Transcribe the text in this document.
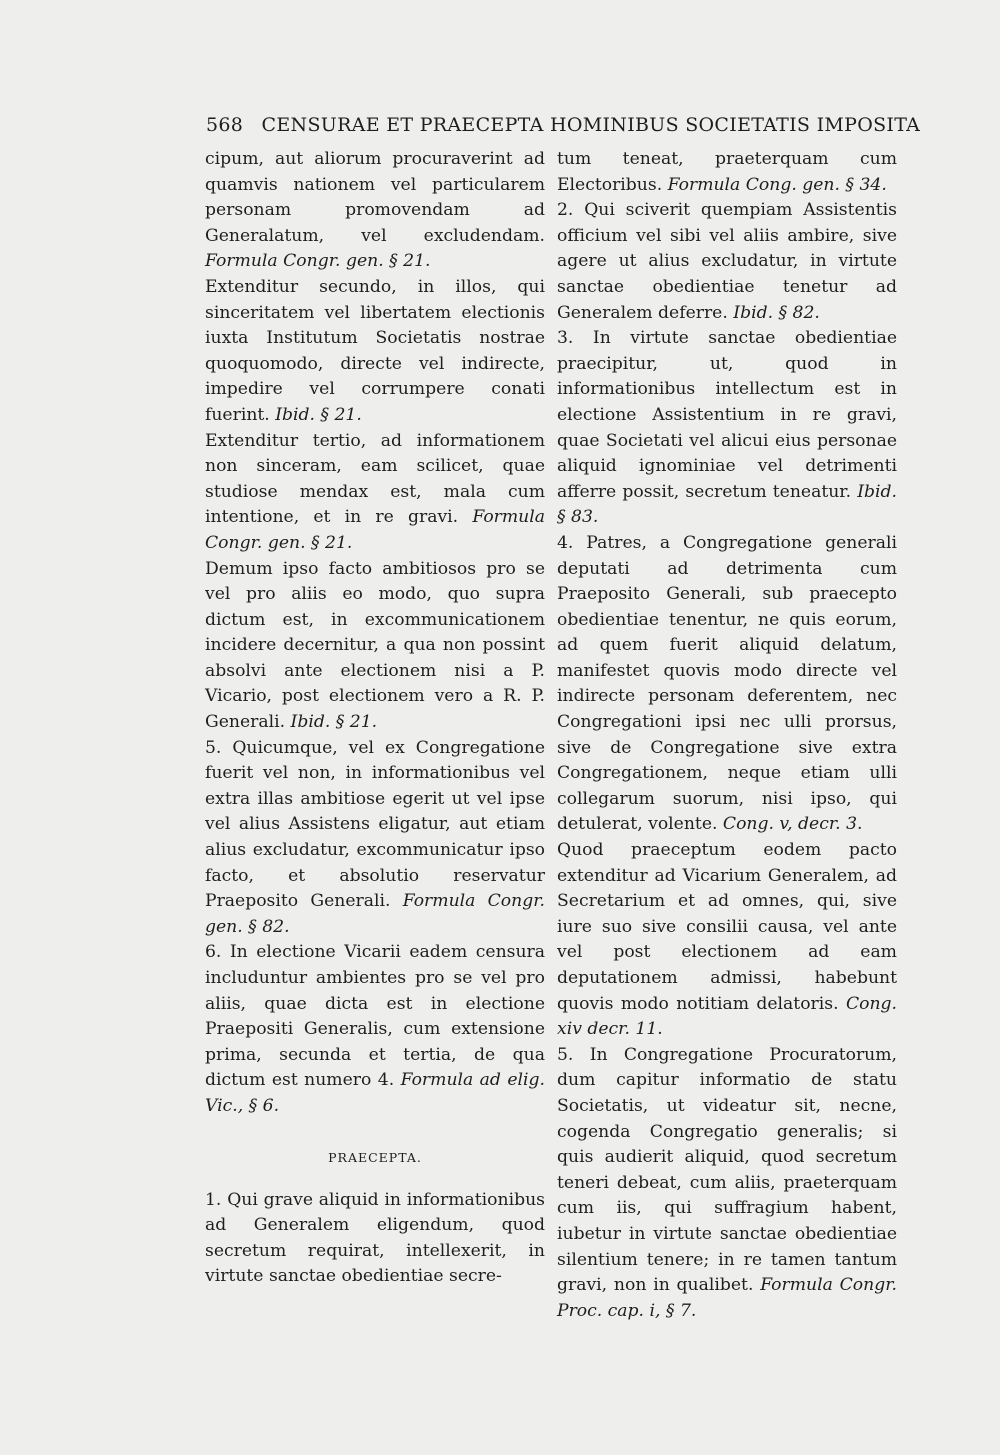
568 CENSURAE ET PRAECEPTA HOMINIBUS SOCIETATIS IMPOSITA
cipum, aut aliorum procuraverint ad quamvis nationem vel particularem personam promovendam ad Generalatum, vel excludendam. Formula Congr. gen. § 21.
Extenditur secundo, in illos, qui sinceritatem vel libertatem electionis iuxta Institutum Societatis nostrae quoquomodo, directe vel indirecte, impedire vel corrumpere conati fuerint. Ibid. § 21.
Extenditur tertio, ad informationem non sinceram, eam scilicet, quae studiose mendax est, mala cum intentione, et in re gravi. Formula Congr. gen. § 21.
Demum ipso facto ambitiosos pro se vel pro aliis eo modo, quo supra dictum est, in excommunicationem incidere decernitur, a qua non possint absolvi ante electionem nisi a P. Vicario, post electionem vero a R. P. Generali. Ibid. § 21.
5. Quicumque, vel ex Congregatione fuerit vel non, in informationibus vel extra illas ambitiose egerit ut vel ipse vel alius Assistens eligatur, aut etiam alius excludatur, excommunicatur ipso facto, et absolutio reservatur Praeposito Generali. Formula Congr. gen. § 82.
6. In electione Vicarii eadem censura includuntur ambientes pro se vel pro aliis, quae dicta est in electione Praepositi Generalis, cum extensione prima, secunda et tertia, de qua dictum est numero 4. Formula ad elig. Vic., § 6.
PRAECEPTA.
1. Qui grave aliquid in informationibus ad Generalem eligendum, quod secretum requirat, intellexerit, in virtute sanctae obedientiae secre-
tum teneat, praeterquam cum Electoribus. Formula Cong. gen. § 34.
2. Qui sciverit quempiam Assistentis officium vel sibi vel aliis ambire, sive agere ut alius excludatur, in virtute sanctae obedientiae tenetur ad Generalem deferre. Ibid. § 82.
3. In virtute sanctae obedientiae praecipitur, ut, quod in informationibus intellectum est in electione Assistentium in re gravi, quae Societati vel alicui eius personae aliquid ignominiae vel detrimenti afferre possit, secretum teneatur. Ibid. § 83.
4. Patres, a Congregatione generali deputati ad detrimenta cum Praeposito Generali, sub praecepto obedientiae tenentur, ne quis eorum, ad quem fuerit aliquid delatum, manifestet quovis modo directe vel indirecte personam deferentem, nec Congregationi ipsi nec ulli prorsus, sive de Congregatione sive extra Congregationem, neque etiam ulli collegarum suorum, nisi ipso, qui detulerat, volente. Cong. v, decr. 3.
Quod praeceptum eodem pacto extenditur ad Vicarium Generalem, ad Secretarium et ad omnes, qui, sive iure suo sive consilii causa, vel ante vel post electionem ad eam deputationem admissi, habebunt quovis modo notitiam delatoris. Cong. xiv decr. 11.
5. In Congregatione Procuratorum, dum capitur informatio de statu Societatis, ut videatur sit, necne, cogenda Congregatio generalis; si quis audierit aliquid, quod secretum teneri debeat, cum aliis, praeterquam cum iis, qui suffragium habent, iubetur in virtute sanctae obedientiae silentium tenere; in re tamen tantum gravi, non in qualibet. Formula Congr. Proc. cap. i, § 7.
